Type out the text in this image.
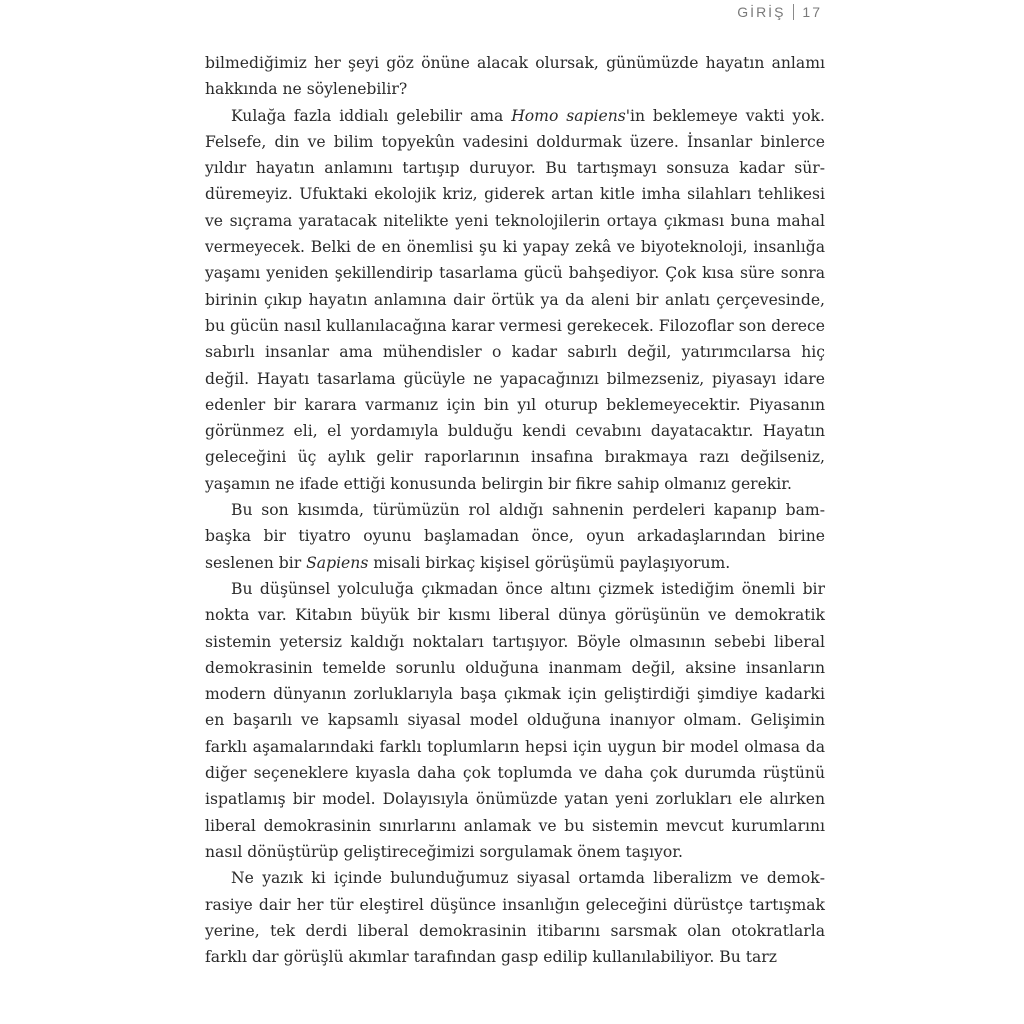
GİRİŞ 17

bilmediğimiz her şeyi göz önüne alacak olursak, günümüzde hayatın anlamı hakkında ne söylenebilir?

Kulağa fazla iddialı gelebilir ama Homo sapiens'in beklemeye vakti yok. Felsefe, din ve bilim topyekûn vadesini doldurmak üzere. İnsanlar binlerce yıldır hayatın anlamını tartışıp duruyor. Bu tartışmayı sonsuza kadar sürdüremeyiz. Ufuktaki ekolojik kriz, giderek artan kitle imha silahları tehlikesi ve sıçrama yaratacak nitelikte yeni teknolojilerin ortaya çıkması buna mahal vermeyecek. Belki de en önemlisi şu ki yapay zekâ ve biyoteknoloji, insanlığa yaşamı yeniden şekillendirip tasarlama gücü bahşediyor. Çok kısa süre sonra birinin çıkıp hayatın anlamına dair örtük ya da aleni bir anlatı çerçevesinde, bu gücün nasıl kullanılacağına karar vermesi gerekecek. Filozoflar son derece sabırlı insanlar ama mühendisler o kadar sabırlı değil, yatırımcılarsa hiç değil. Hayatı tasarlama gücüyle ne yapacağınızı bilmezseniz, piyasayı idare edenler bir karara varmanız için bin yıl oturup beklemeyecektir. Piyasanın görünmez eli, el yordamıyla bulduğu kendi cevabını dayatacaktır. Hayatın geleceğini üç aylık gelir raporlarının insafına bırakmaya razı değilseniz, yaşamın ne ifade ettiği konusunda belirgin bir fikre sahip olmanız gerekir.

Bu son kısımda, türümüzün rol aldığı sahnenin perdeleri kapanıp bambaşka bir tiyatro oyunu başlamadan önce, oyun arkadaşlarından birine seslenen bir Sapiens misali birkaç kişisel görüşümü paylaşıyorum.

Bu düşünsel yolculuğa çıkmadan önce altını çizmek istediğim önemli bir nokta var. Kitabın büyük bir kısmı liberal dünya görüşünün ve demokratik sistemin yetersiz kaldığı noktaları tartışıyor. Böyle olmasının sebebi liberal demokrasinin temelde sorunlu olduğuna inanmam değil, aksine insanların modern dünyanın zorluklarıyla başa çıkmak için geliştirdiği şimdiye kadarki en başarılı ve kapsamlı siyasal model olduğuna inanıyor olmam. Gelişimin farklı aşamalarındaki farklı toplumların hepsi için uygun bir model olmasa da diğer seçeneklere kıyasla daha çok toplumda ve daha çok durumda rüştünü ispatlamış bir model. Dolayısıyla önümüzde yatan yeni zorlukları ele alırken liberal demokrasinin sınırlarını anlamak ve bu sistemin mevcut kurumlarını nasıl dönüştürüp geliştireceğimizi sorgulamak önem taşıyor.

Ne yazık ki içinde bulunduğumuz siyasal ortamda liberalizm ve demokrasiye dair her tür eleştirel düşünce insanlığın geleceğini dürüstçe tartışmak yerine, tek derdi liberal demokrasinin itibarını sarsmak olan otokratlarla farklı dar görüşlü akımlar tarafından gasp edilip kullanılabiliyor. Bu tarz
